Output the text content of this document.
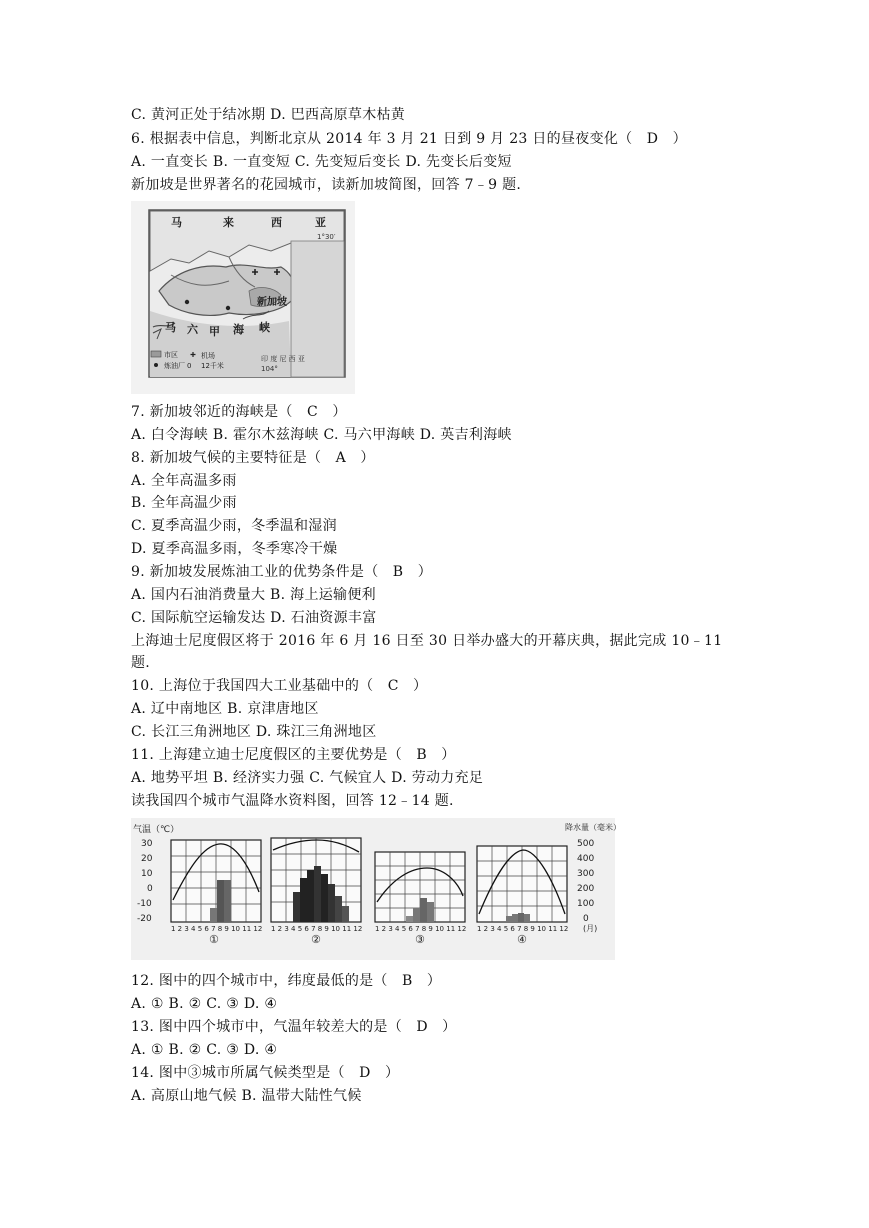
C. 黄河正处于结冰期 D. 巴西高原草木枯黄
6. 根据表中信息，判断北京从 2014 年 3 月 21 日到 9 月 23 日的昼夜变化（　D　）
A. 一直变长 B. 一直变短 C. 先变短后变长 D. 先变长后变短
新加坡是世界著名的花园城市，读新加坡简图，回答 7﹣9 题.
马	来	西	亚
新加坡
马 六 甲 海 峡
1°30′
印 度 尼 西 亚
104°
市区
炼油厂
机场
0 12千米
7. 新加坡邻近的海峡是（　C　）
A. 白令海峡 B. 霍尔木兹海峡 C. 马六甲海峡 D. 英吉利海峡
8. 新加坡气候的主要特征是（　A　）
A. 全年高温多雨
B. 全年高温少雨
C. 夏季高温少雨，冬季温和湿润
D. 夏季高温多雨，冬季寒冷干燥
9. 新加坡发展炼油工业的优势条件是（　B　）
A. 国内石油消费量大 B. 海上运输便利
C. 国际航空运输发达 D. 石油资源丰富
上海迪士尼度假区将于 2016 年 6 月 16 日至 30 日举办盛大的开幕庆典，据此完成 10﹣11
题.
10. 上海位于我国四大工业基础中的（　C　）
A. 辽中南地区 B. 京津唐地区
C. 长江三角洲地区 D. 珠江三角洲地区
11. 上海建立迪士尼度假区的主要优势是（　B　）
A. 地势平坦 B. 经济实力强 C. 气候宜人 D. 劳动力充足
读我国四个城市气温降水资料图，回答 12﹣14 题.
气温（℃）	降水量（毫米）
30
20
10
0
-10
-20
500
400
300
200
100
0
1 2 3 4 5 6 7 8 9 10 11 12
①
1 2 3 4 5 6 7 8 9 10 11 12
②
1 2 3 4 5 6 7 8 9 10 11 12
③
1 2 3 4 5 6 7 8 9 10 11 12 (月)
④
12. 图中的四个城市中，纬度最低的是（　B　）
A. ① B. ② C. ③ D. ④
13. 图中四个城市中，气温年较差大的是（　D　）
A. ① B. ② C. ③ D. ④
14. 图中③城市所属气候类型是（　D　）
A. 高原山地气候 B. 温带大陆性气候
